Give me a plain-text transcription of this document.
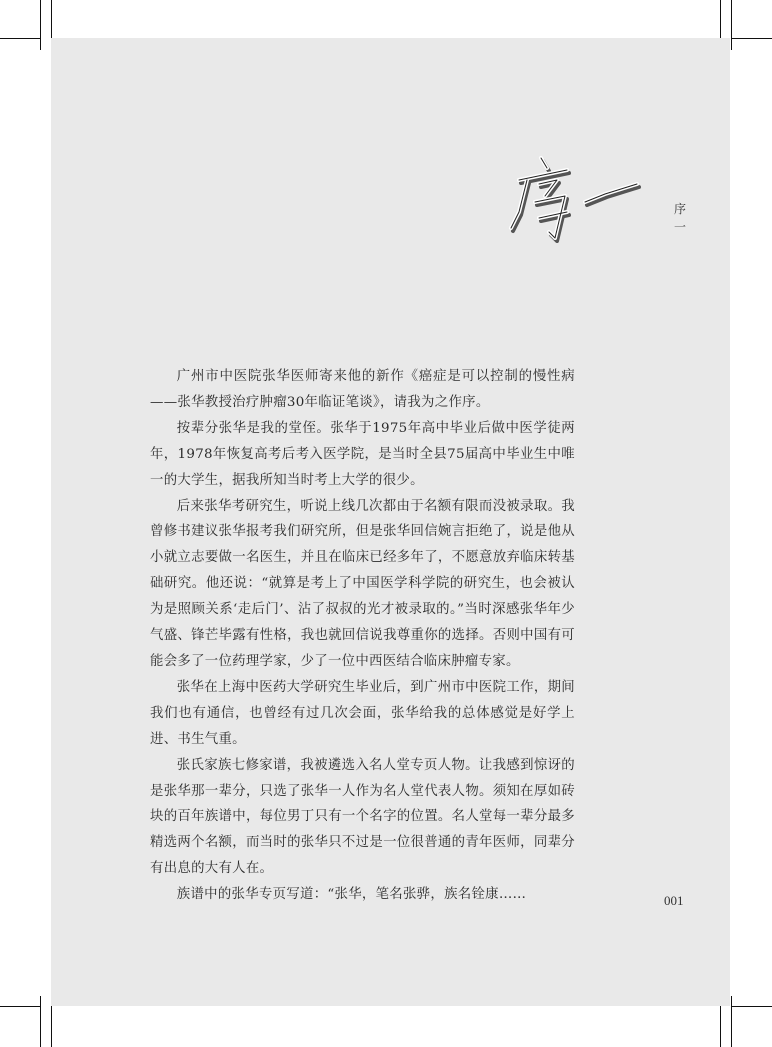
序
一

广州市中医院张华医师寄来他的新作《癌症是可以控制的慢性病——张华教授治疗肿瘤30年临证笔谈》，请我为之作序。

按辈分张华是我的堂侄。张华于1975年高中毕业后做中医学徒两年，1978年恢复高考后考入医学院，是当时全县75届高中毕业生中唯一的大学生，据我所知当时考上大学的很少。

后来张华考研究生，听说上线几次都由于名额有限而没被录取。我曾修书建议张华报考我们研究所，但是张华回信婉言拒绝了，说是他从小就立志要做一名医生，并且在临床已经多年了，不愿意放弃临床转基础研究。他还说：“就算是考上了中国医学科学院的研究生，也会被认为是照顾关系‘走后门’、沾了叔叔的光才被录取的。”当时深感张华年少气盛、锋芒毕露有性格，我也就回信说我尊重你的选择。否则中国有可能会多了一位药理学家，少了一位中西医结合临床肿瘤专家。

张华在上海中医药大学研究生毕业后，到广州市中医院工作，期间我们也有通信，也曾经有过几次会面，张华给我的总体感觉是好学上进、书生气重。

张氏家族七修家谱，我被遴选入名人堂专页人物。让我感到惊讶的是张华那一辈分，只选了张华一人作为名人堂代表人物。须知在厚如砖块的百年族谱中，每位男丁只有一个名字的位置。名人堂每一辈分最多精选两个名额，而当时的张华只不过是一位很普通的青年医师，同辈分有出息的大有人在。

族谱中的张华专页写道：“张华，笔名张骅，族名铨康……	001
